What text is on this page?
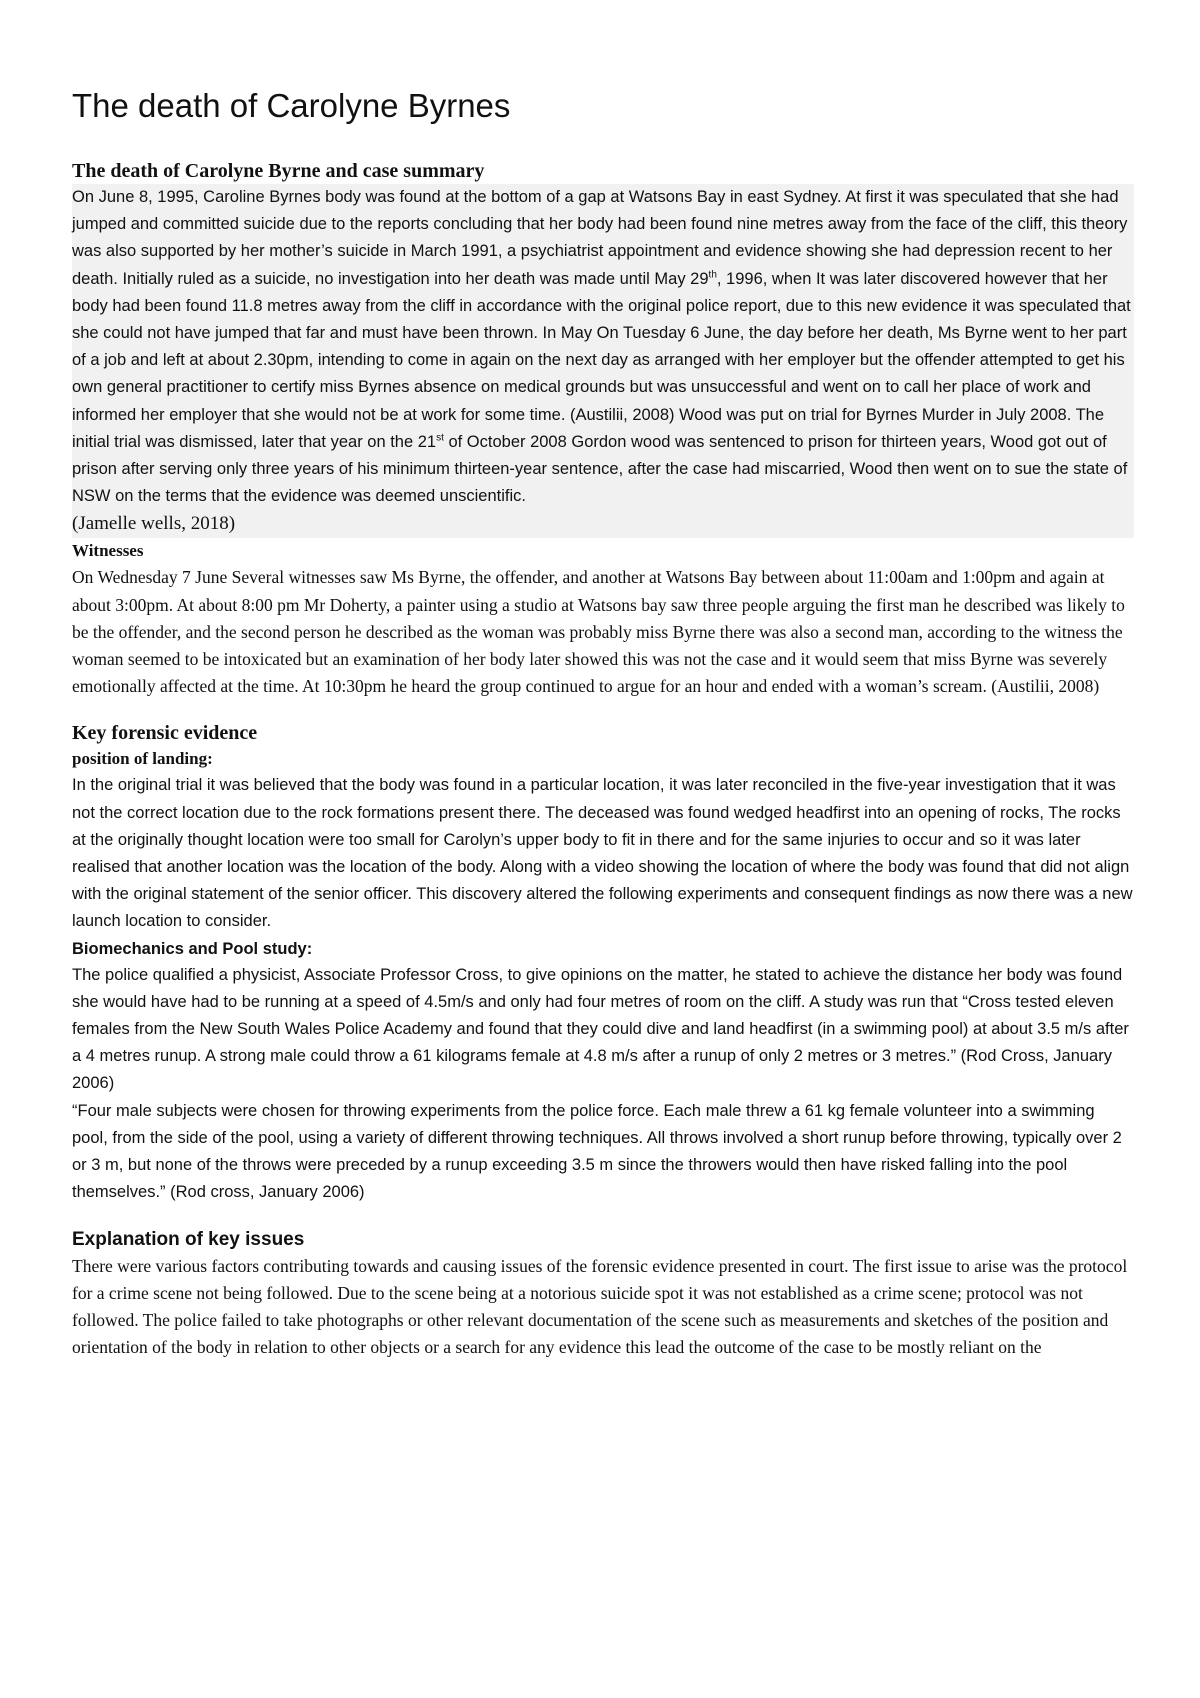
The death of Carolyne Byrnes
The death of Carolyne Byrne and case summary

On June 8, 1995, Caroline Byrnes body was found at the bottom of a gap at Watsons Bay in east Sydney. At first it was speculated that she had jumped and committed suicide due to the reports concluding that her body had been found nine metres away from the face of the cliff, this theory was also supported by her mother’s suicide in March 1991, a psychiatrist appointment and evidence showing she had depression recent to her death. Initially ruled as a suicide, no investigation into her death was made until May 29th, 1996, when It was later discovered however that her body had been found 11.8 metres away from the cliff in accordance with the original police report, due to this new evidence it was speculated that she could not have jumped that far and must have been thrown. In May On Tuesday 6 June, the day before her death, Ms Byrne went to her part of a job and left at about 2.30pm, intending to come in again on the next day as arranged with her employer but the offender attempted to get his own general practitioner to certify miss Byrnes absence on medical grounds but was unsuccessful and went on to call her place of work and informed her employer that she would not be at work for some time. (Austilii, 2008) Wood was put on trial for Byrnes Murder in July 2008. The initial trial was dismissed, later that year on the 21st of October 2008 Gordon wood was sentenced to prison for thirteen years, Wood got out of prison after serving only three years of his minimum thirteen-year sentence, after the case had miscarried, Wood then went on to sue the state of NSW on the terms that the evidence was deemed unscientific.

(Jamelle wells, 2018)

Witnesses

On Wednesday 7 June Several witnesses saw Ms Byrne, the offender, and another at Watsons Bay between about 11:00am and 1:00pm and again at about 3:00pm. At about 8:00 pm Mr Doherty, a painter using a studio at Watsons bay saw three people arguing the first man he described was likely to be the offender, and the second person he described as the woman was probably miss Byrne there was also a second man, according to the witness the woman seemed to be intoxicated but an examination of her body later showed this was not the case and it would seem that miss Byrne was severely emotionally affected at the time. At 10:30pm he heard the group continued to argue for an hour and ended with a woman’s scream. (Austilii, 2008)

Key forensic evidence
position of landing:

In the original trial it was believed that the body was found in a particular location, it was later reconciled in the five-year investigation that it was not the correct location due to the rock formations present there. The deceased was found wedged headfirst into an opening of rocks, The rocks at the originally thought location were too small for Carolyn’s upper body to fit in there and for the same injuries to occur and so it was later realised that another location was the location of the body. Along with a video showing the location of where the body was found that did not align with the original statement of the senior officer. This discovery altered the following experiments and consequent findings as now there was a new launch location to consider.

Biomechanics and Pool study:

The police qualified a physicist, Associate Professor Cross, to give opinions on the matter, he stated to achieve the distance her body was found she would have had to be running at a speed of 4.5m/s and only had four metres of room on the cliff. A study was run that “Cross tested eleven females from the New South Wales Police Academy and found that they could dive and land headfirst (in a swimming pool) at about 3.5 m/s after a 4 metres runup. A strong male could throw a 61 kilograms female at 4.8 m/s after a runup of only 2 metres or 3 metres.” (Rod Cross, January 2006)

“Four male subjects were chosen for throwing experiments from the police force. Each male threw a 61 kg female volunteer into a swimming pool, from the side of the pool, using a variety of different throwing techniques. All throws involved a short runup before throwing, typically over 2 or 3 m, but none of the throws were preceded by a runup exceeding 3.5 m since the throwers would then have risked falling into the pool themselves.” (Rod cross, January 2006)

Explanation of key issues

There were various factors contributing towards and causing issues of the forensic evidence presented in court. The first issue to arise was the protocol for a crime scene not being followed. Due to the scene being at a notorious suicide spot it was not established as a crime scene; protocol was not followed. The police failed to take photographs or other relevant documentation of the scene such as measurements and sketches of the position and orientation of the body in relation to other objects or a search for any evidence this lead the outcome of the case to be mostly reliant on the
